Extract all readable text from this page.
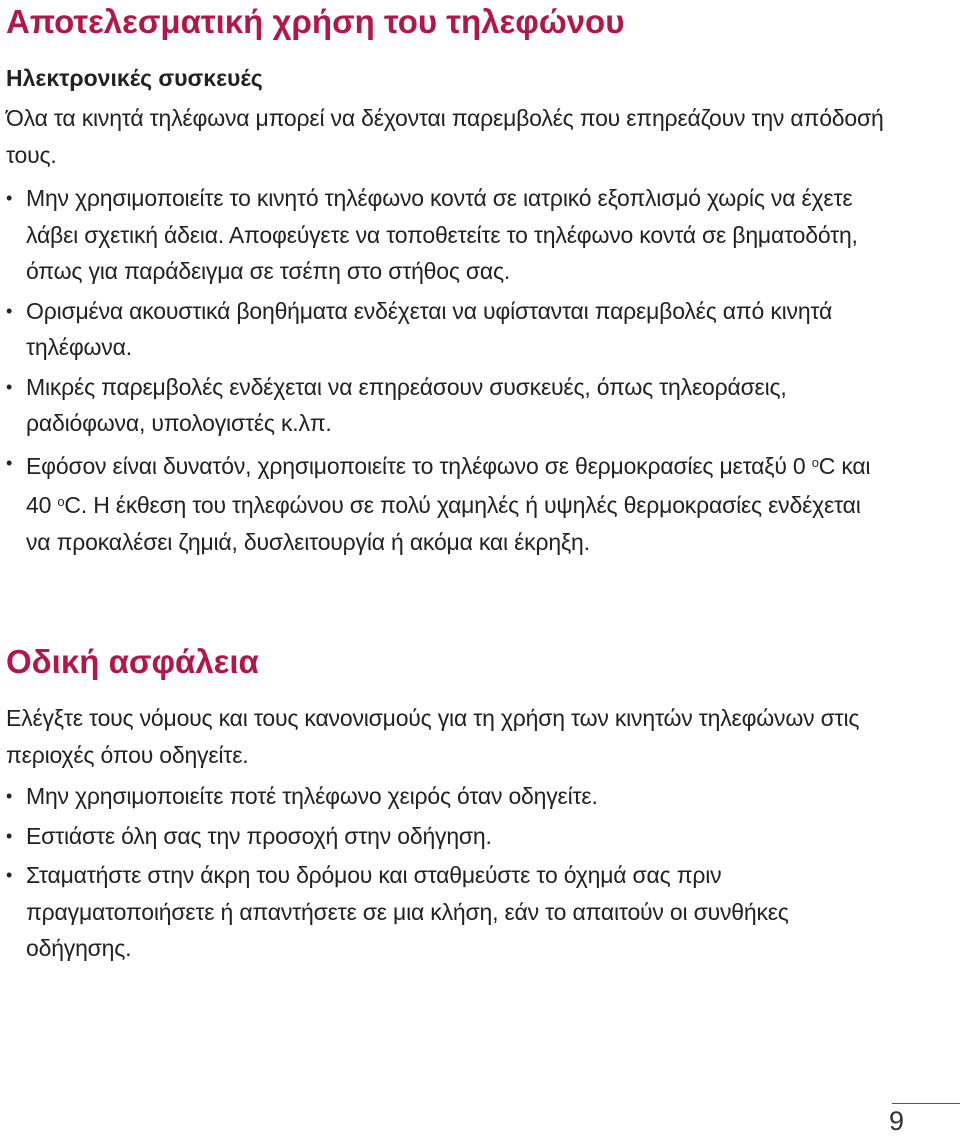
Αποτελεσματική χρήση του τηλεφώνου
Ηλεκτρονικές συσκευές

Όλα τα κινητά τηλέφωνα μπορεί να δέχονται παρεμβολές που επηρεάζουν την απόδοσή τους.

• Μην χρησιμοποιείτε το κινητό τηλέφωνο κοντά σε ιατρικό εξοπλισμό χωρίς να έχετε λάβει σχετική άδεια. Αποφεύγετε να τοποθετείτε το τηλέφωνο κοντά σε βηματοδότη, όπως για παράδειγμα σε τσέπη στο στήθος σας.
• Ορισμένα ακουστικά βοηθήματα ενδέχεται να υφίστανται παρεμβολές από κινητά τηλέφωνα.
• Μικρές παρεμβολές ενδέχεται να επηρεάσουν συσκευές, όπως τηλεοράσεις, ραδιόφωνα, υπολογιστές κ.λπ.
• Εφόσον είναι δυνατόν, χρησιμοποιείτε το τηλέφωνο σε θερμοκρασίες μεταξύ 0 $^o$C και 40 $^o$C. Η έκθεση του τηλεφώνου σε πολύ χαμηλές ή υψηλές θερμοκρασίες ενδέχεται να προκαλέσει ζημιά, δυσλειτουργία ή ακόμα και έκρηξη.
Οδική ασφάλεια

Ελέγξτε τους νόμους και τους κανονισμούς για τη χρήση των κινητών τηλεφώνων στις περιοχές όπου οδηγείτε.

• Μην χρησιμοποιείτε ποτέ τηλέφωνο χειρός όταν οδηγείτε.
• Εστιάστε όλη σας την προσοχή στην οδήγηση.
• Σταματήστε στην άκρη του δρόμου και σταθμεύστε το όχημά σας πριν πραγματοποιήσετε ή απαντήσετε σε μια κλήση, εάν το απαιτούν οι συνθήκες οδήγησης.
9
